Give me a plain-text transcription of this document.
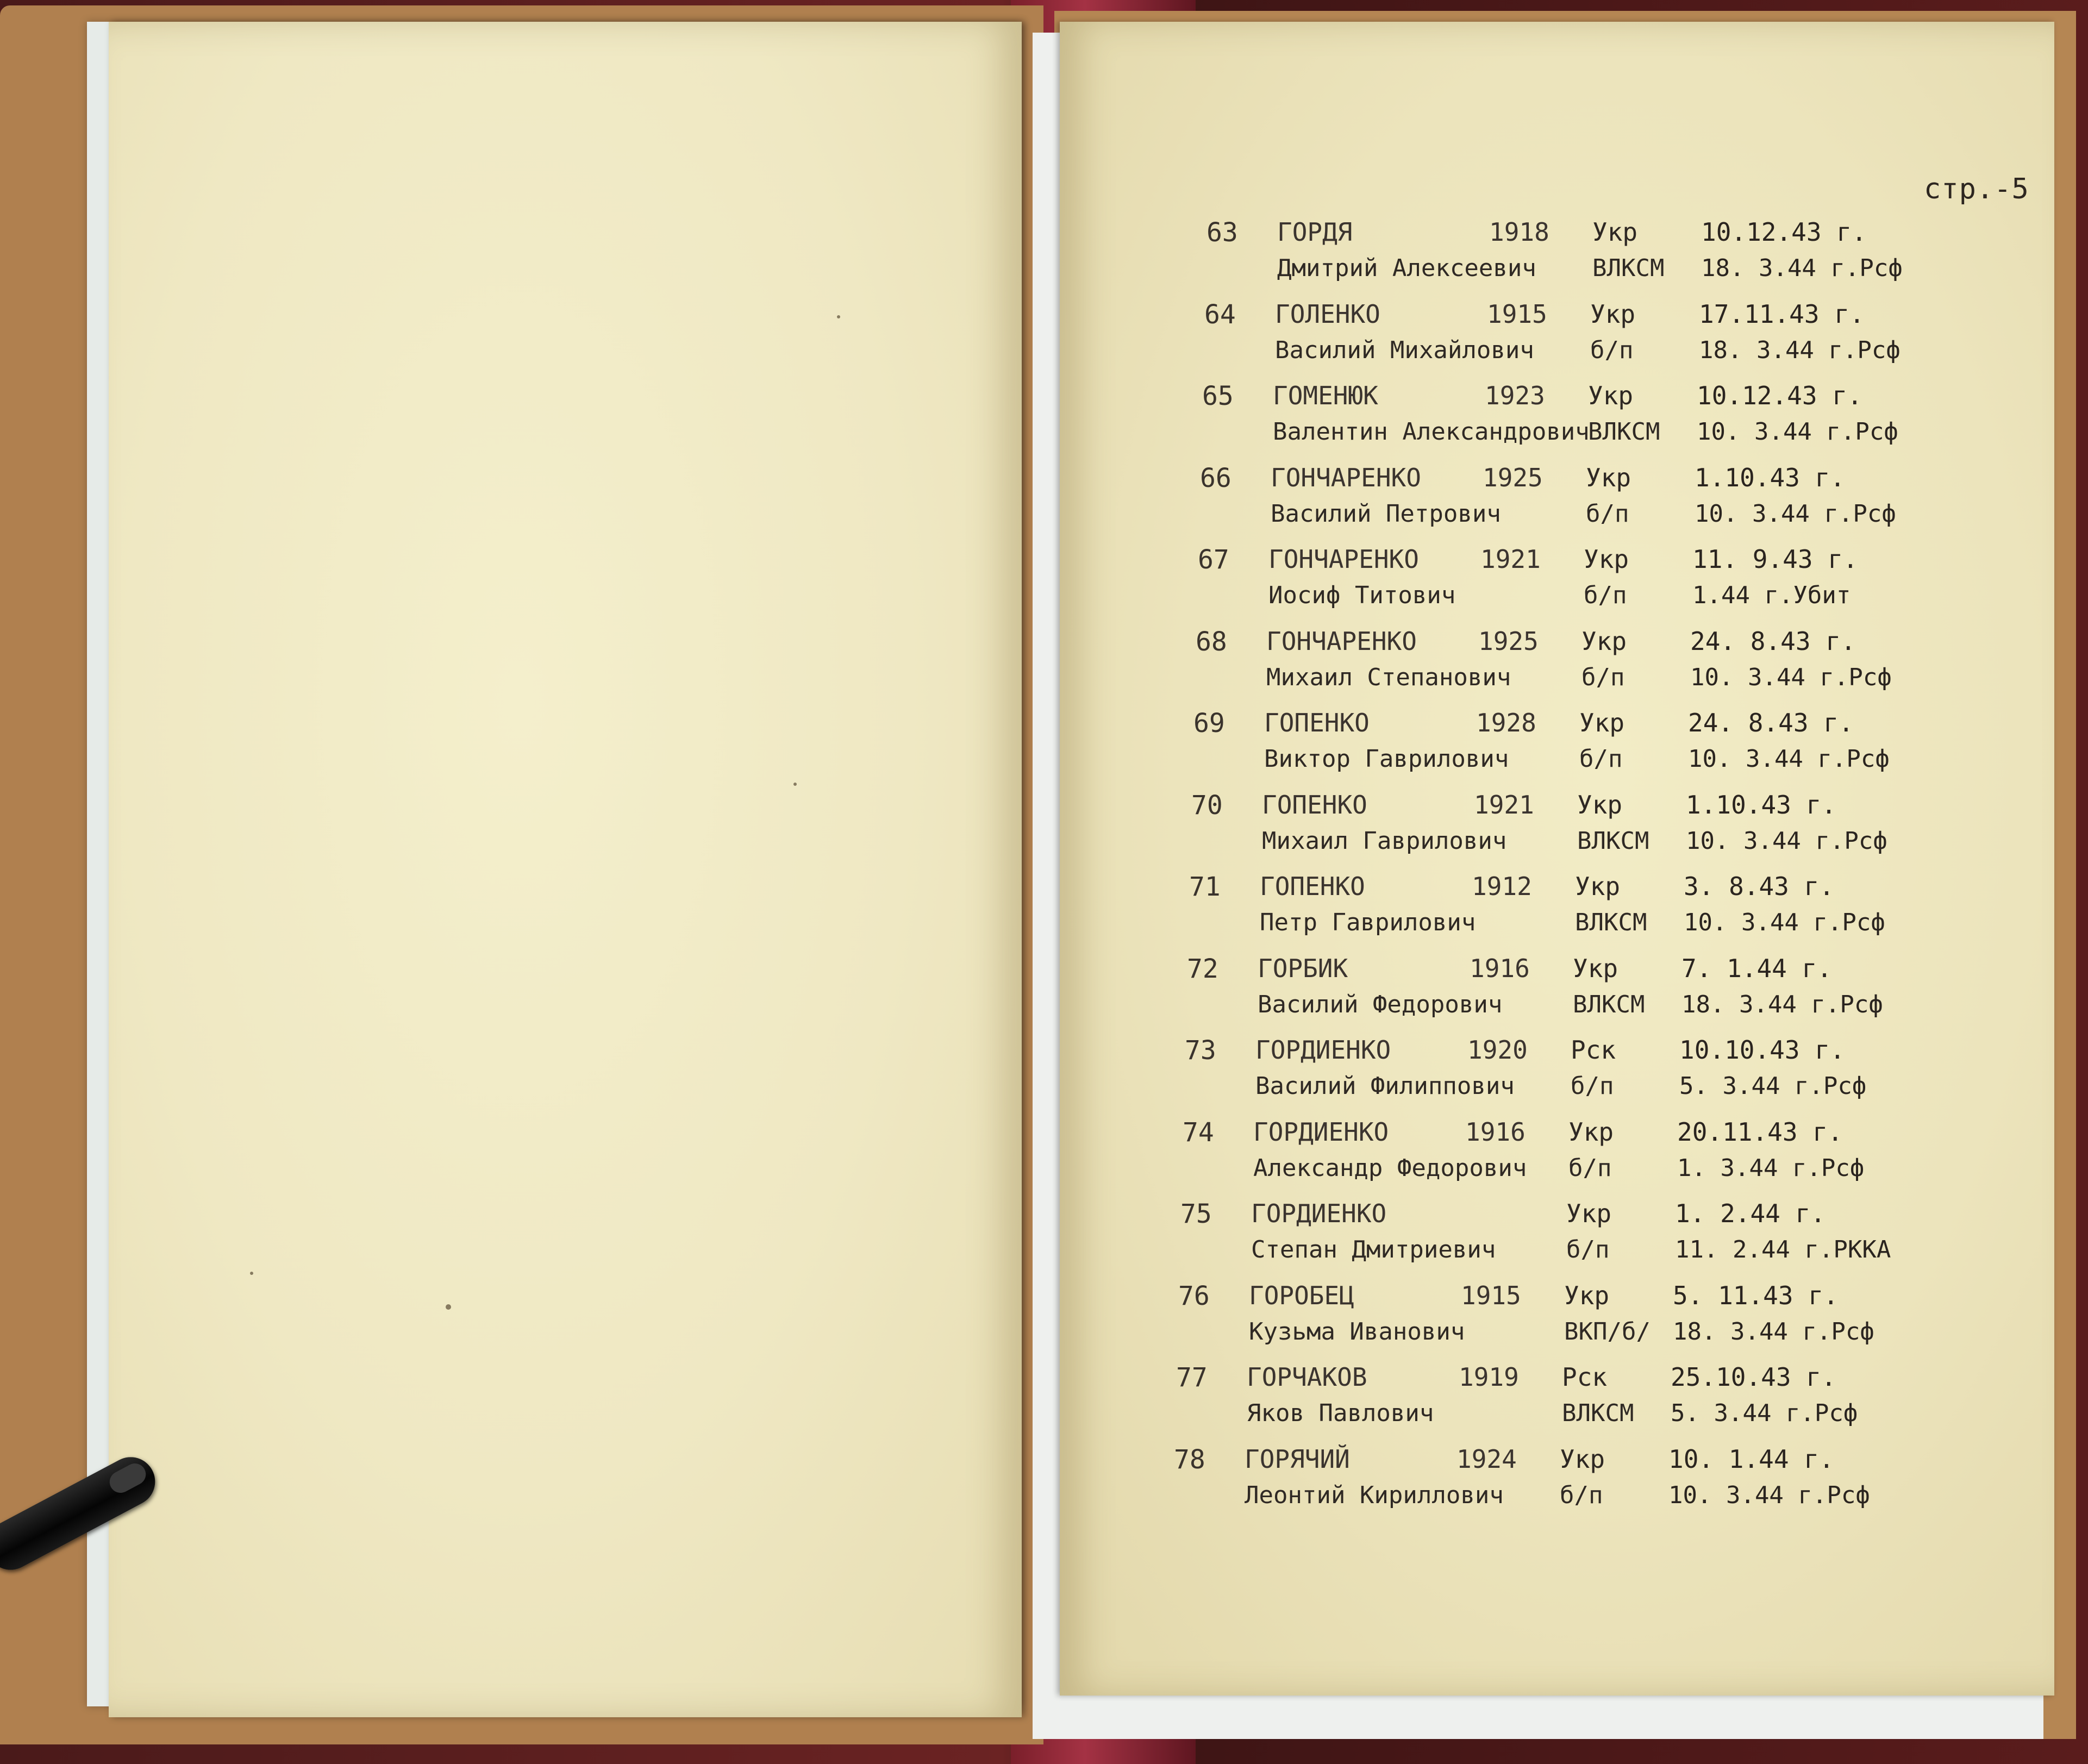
стр.-5
63 ГОРДЯ	1918 Укр	10.12.43 г.
Дмитрий Алексеевич ВЛКСМ 18. 3.44 г.Рсф
64 ГОЛЕНКО	1915 Укр	17.11.43 г.
Василий Михайлович б/п	18. 3.44 г.Рсф
65 ГОМЕНЮК	1923 Укр	10.12.43 г.
Валентин Александрович
ВЛКСМ 10. 3.44 г.Рсф
66 ГОНЧАРЕНКО 1925 Укр	1.10.43 г.
Василий Петрович	б/п	10. 3.44 г.Рсф
67 ГОНЧАРЕНКО 1921 Укр	11. 9.43 г.
Иосиф Титович	б/п	1.44 г.Убит
68 ГОНЧАРЕНКО 1925 Укр	24. 8.43 г.
Михаил Степанович	б/п	10. 3.44 г.Рсф
69 ГОПЕНКО	1928 Укр	24. 8.43 г.
Виктор Гаврилович	б/п	10. 3.44 г.Рсф
70 ГОПЕНКО	1921 Укр	1.10.43 г.
Михаил Гаврилович	ВЛКСМ 10. 3.44 г.Рсф
71 ГОПЕНКО	1912 Укр	3. 8.43 г.
Петр Гаврилович	ВЛКСМ 10. 3.44 г.Рсф
72 ГОРБИК	1916 Укр	7. 1.44 г.
Василий Федорович	ВЛКСМ 18. 3.44 г.Рсф
73 ГОРДИЕНКО	1920 Рск	10.10.43 г.
Василий Филиппович б/п	5. 3.44 г.Рсф
74 ГОРДИЕНКО	1916 Укр	20.11.43 г.
Александр Федорович б/п	1. 3.44 г.Рсф
75 ГОРДИЕНКО	Укр	1. 2.44 г.
Степан Дмитриевич	б/п	11. 2.44 г.РККА
76 ГОРОБЕЦ	1915 Укр	5. 11.43 г.
Кузьма Иванович	ВКП/б/ 18. 3.44 г.Рсф
77 ГОРЧАКОВ	1919 Рск	25.10.43 г.
Яков Павлович	ВЛКСМ 5. 3.44 г.Рсф
78 ГОРЯЧИЙ	1924 Укр	10. 1.44 г.
Леонтий Кириллович б/п	10. 3.44 г.Рсф
